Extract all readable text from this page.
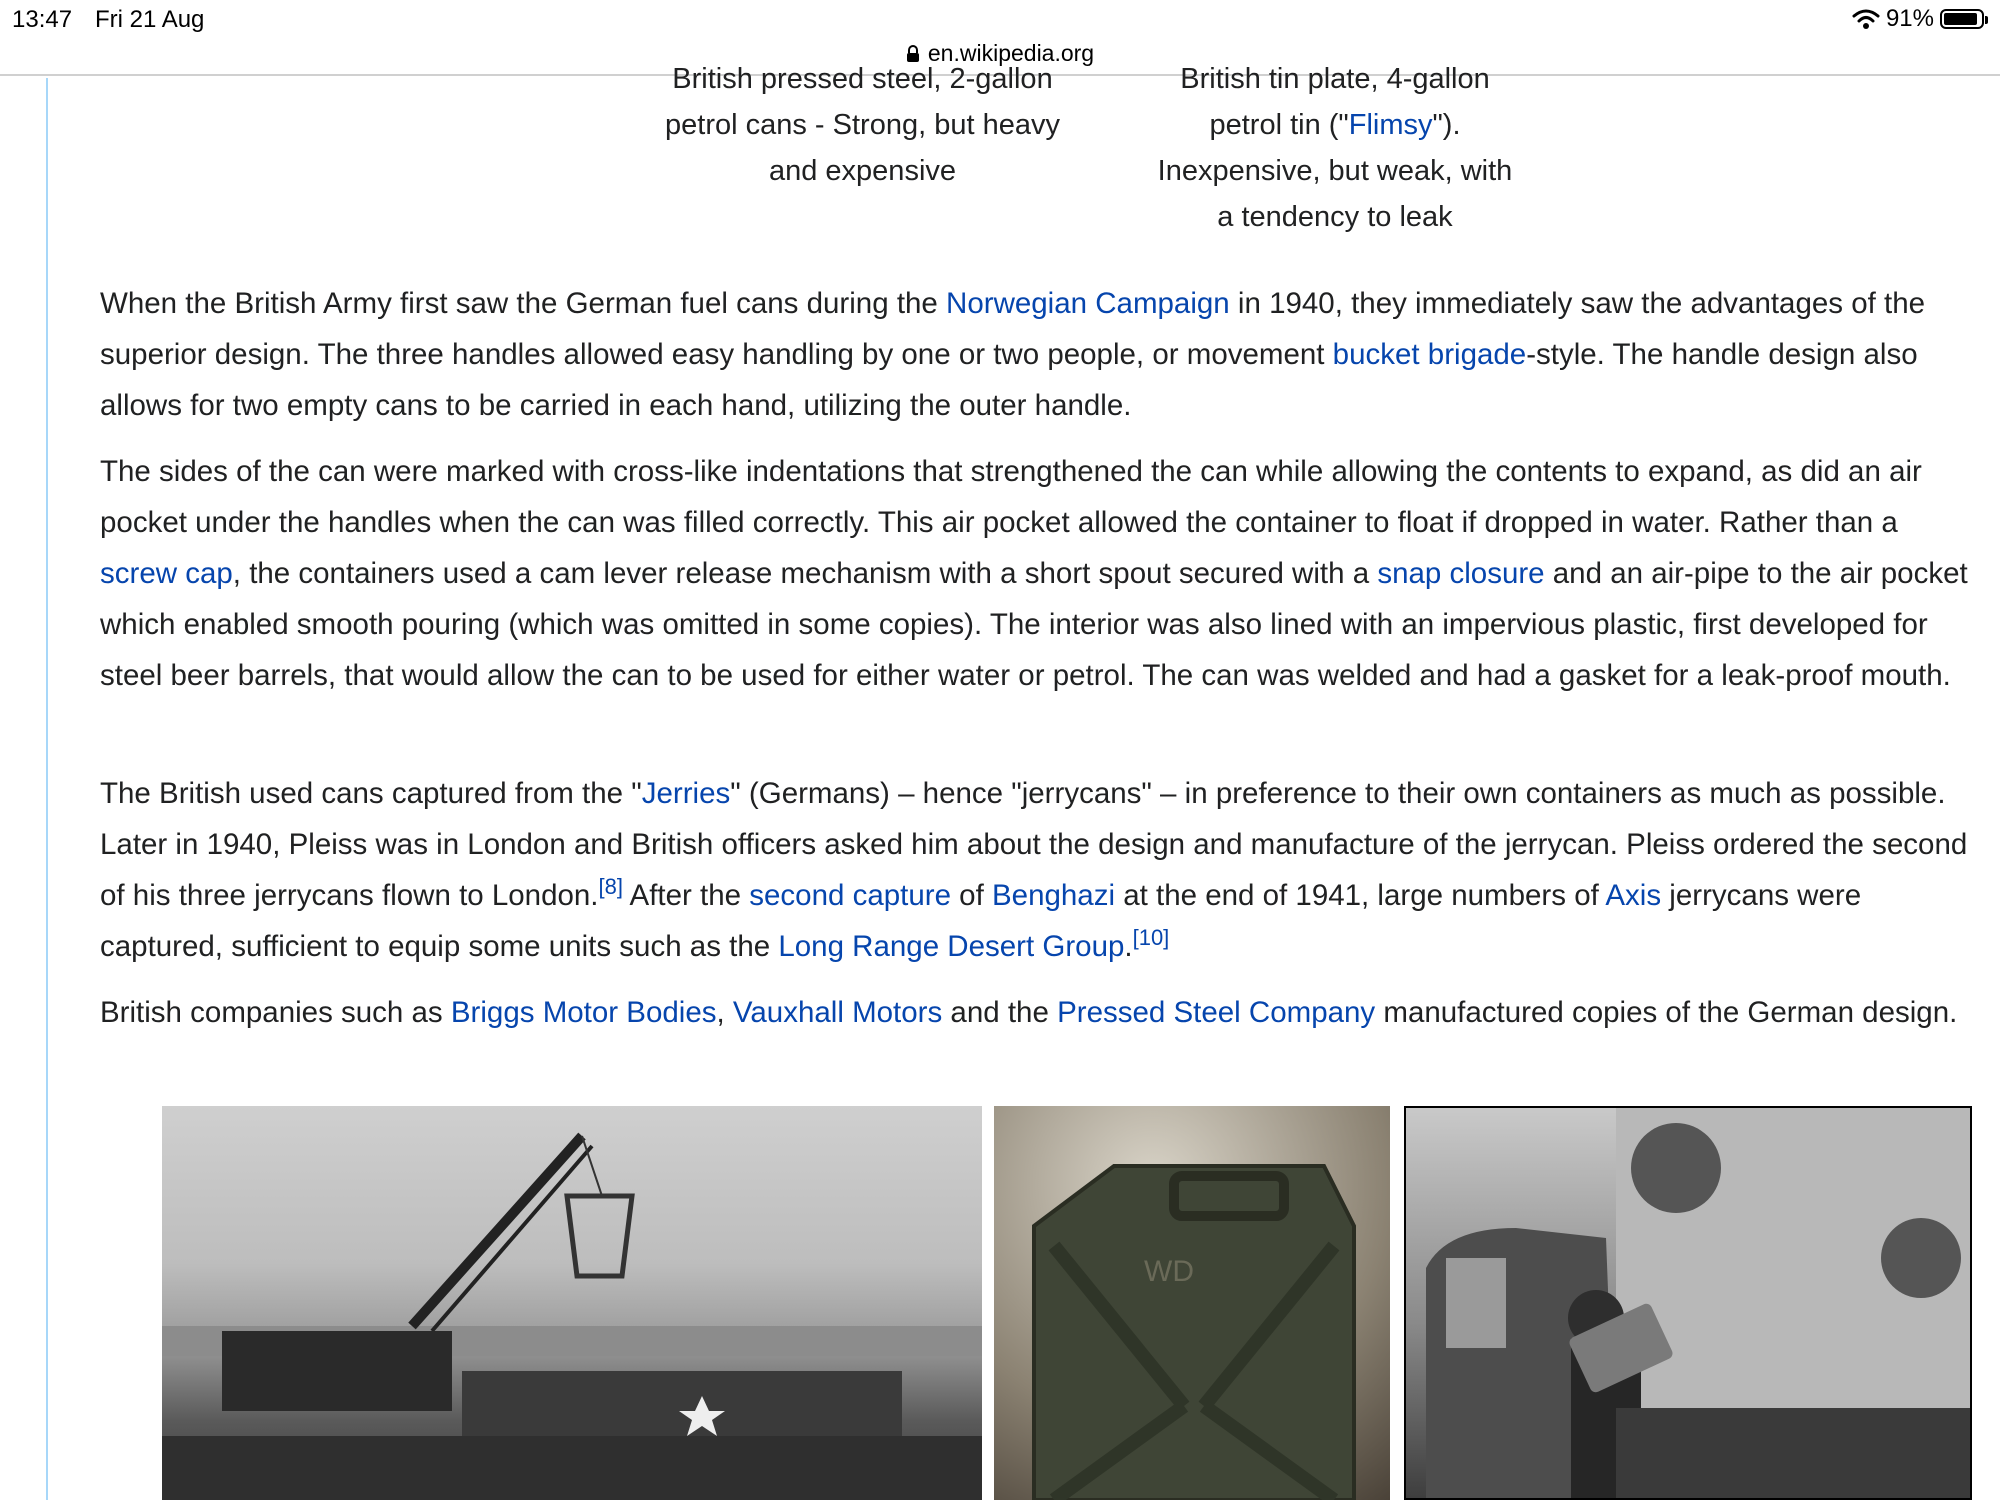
13:47 Fri 21 Aug	91%
en.wikipedia.org
British pressed steel, 2-gallon
petrol cans - Strong, but heavy
and expensive
British tin plate, 4-gallon
petrol tin ("Flimsy").
Inexpensive, but weak, with
a tendency to leak

When the British Army first saw the German fuel cans during the Norwegian Campaign in 1940, they immediately saw the advantages of the superior design. The three handles allowed easy handling by one or two people, or movement bucket brigade-style. The handle design also allows for two empty cans to be carried in each hand, utilizing the outer handle.

The sides of the can were marked with cross-like indentations that strengthened the can while allowing the contents to expand, as did an air pocket under the handles when the can was filled correctly. This air pocket allowed the container to float if dropped in water. Rather than a screw cap, the containers used a cam lever release mechanism with a short spout secured with a snap closure and an air-pipe to the air pocket which enabled smooth pouring (which was omitted in some copies). The interior was also lined with an impervious plastic, first developed for steel beer barrels, that would allow the can to be used for either water or petrol. The can was welded and had a gasket for a leak-proof mouth.

The British used cans captured from the "Jerries" (Germans) – hence "jerrycans" – in preference to their own containers as much as possible. Later in 1940, Pleiss was in London and British officers asked him about the design and manufacture of the jerrycan. Pleiss ordered the second of his three jerrycans flown to London.[8] After the second capture of Benghazi at the end of 1941, large numbers of Axis jerrycans were captured, sufficient to equip some units such as the Long Range Desert Group.[10]

British companies such as Briggs Motor Bodies, Vauxhall Motors and the Pressed Steel Company manufactured copies of the German design.

WD
